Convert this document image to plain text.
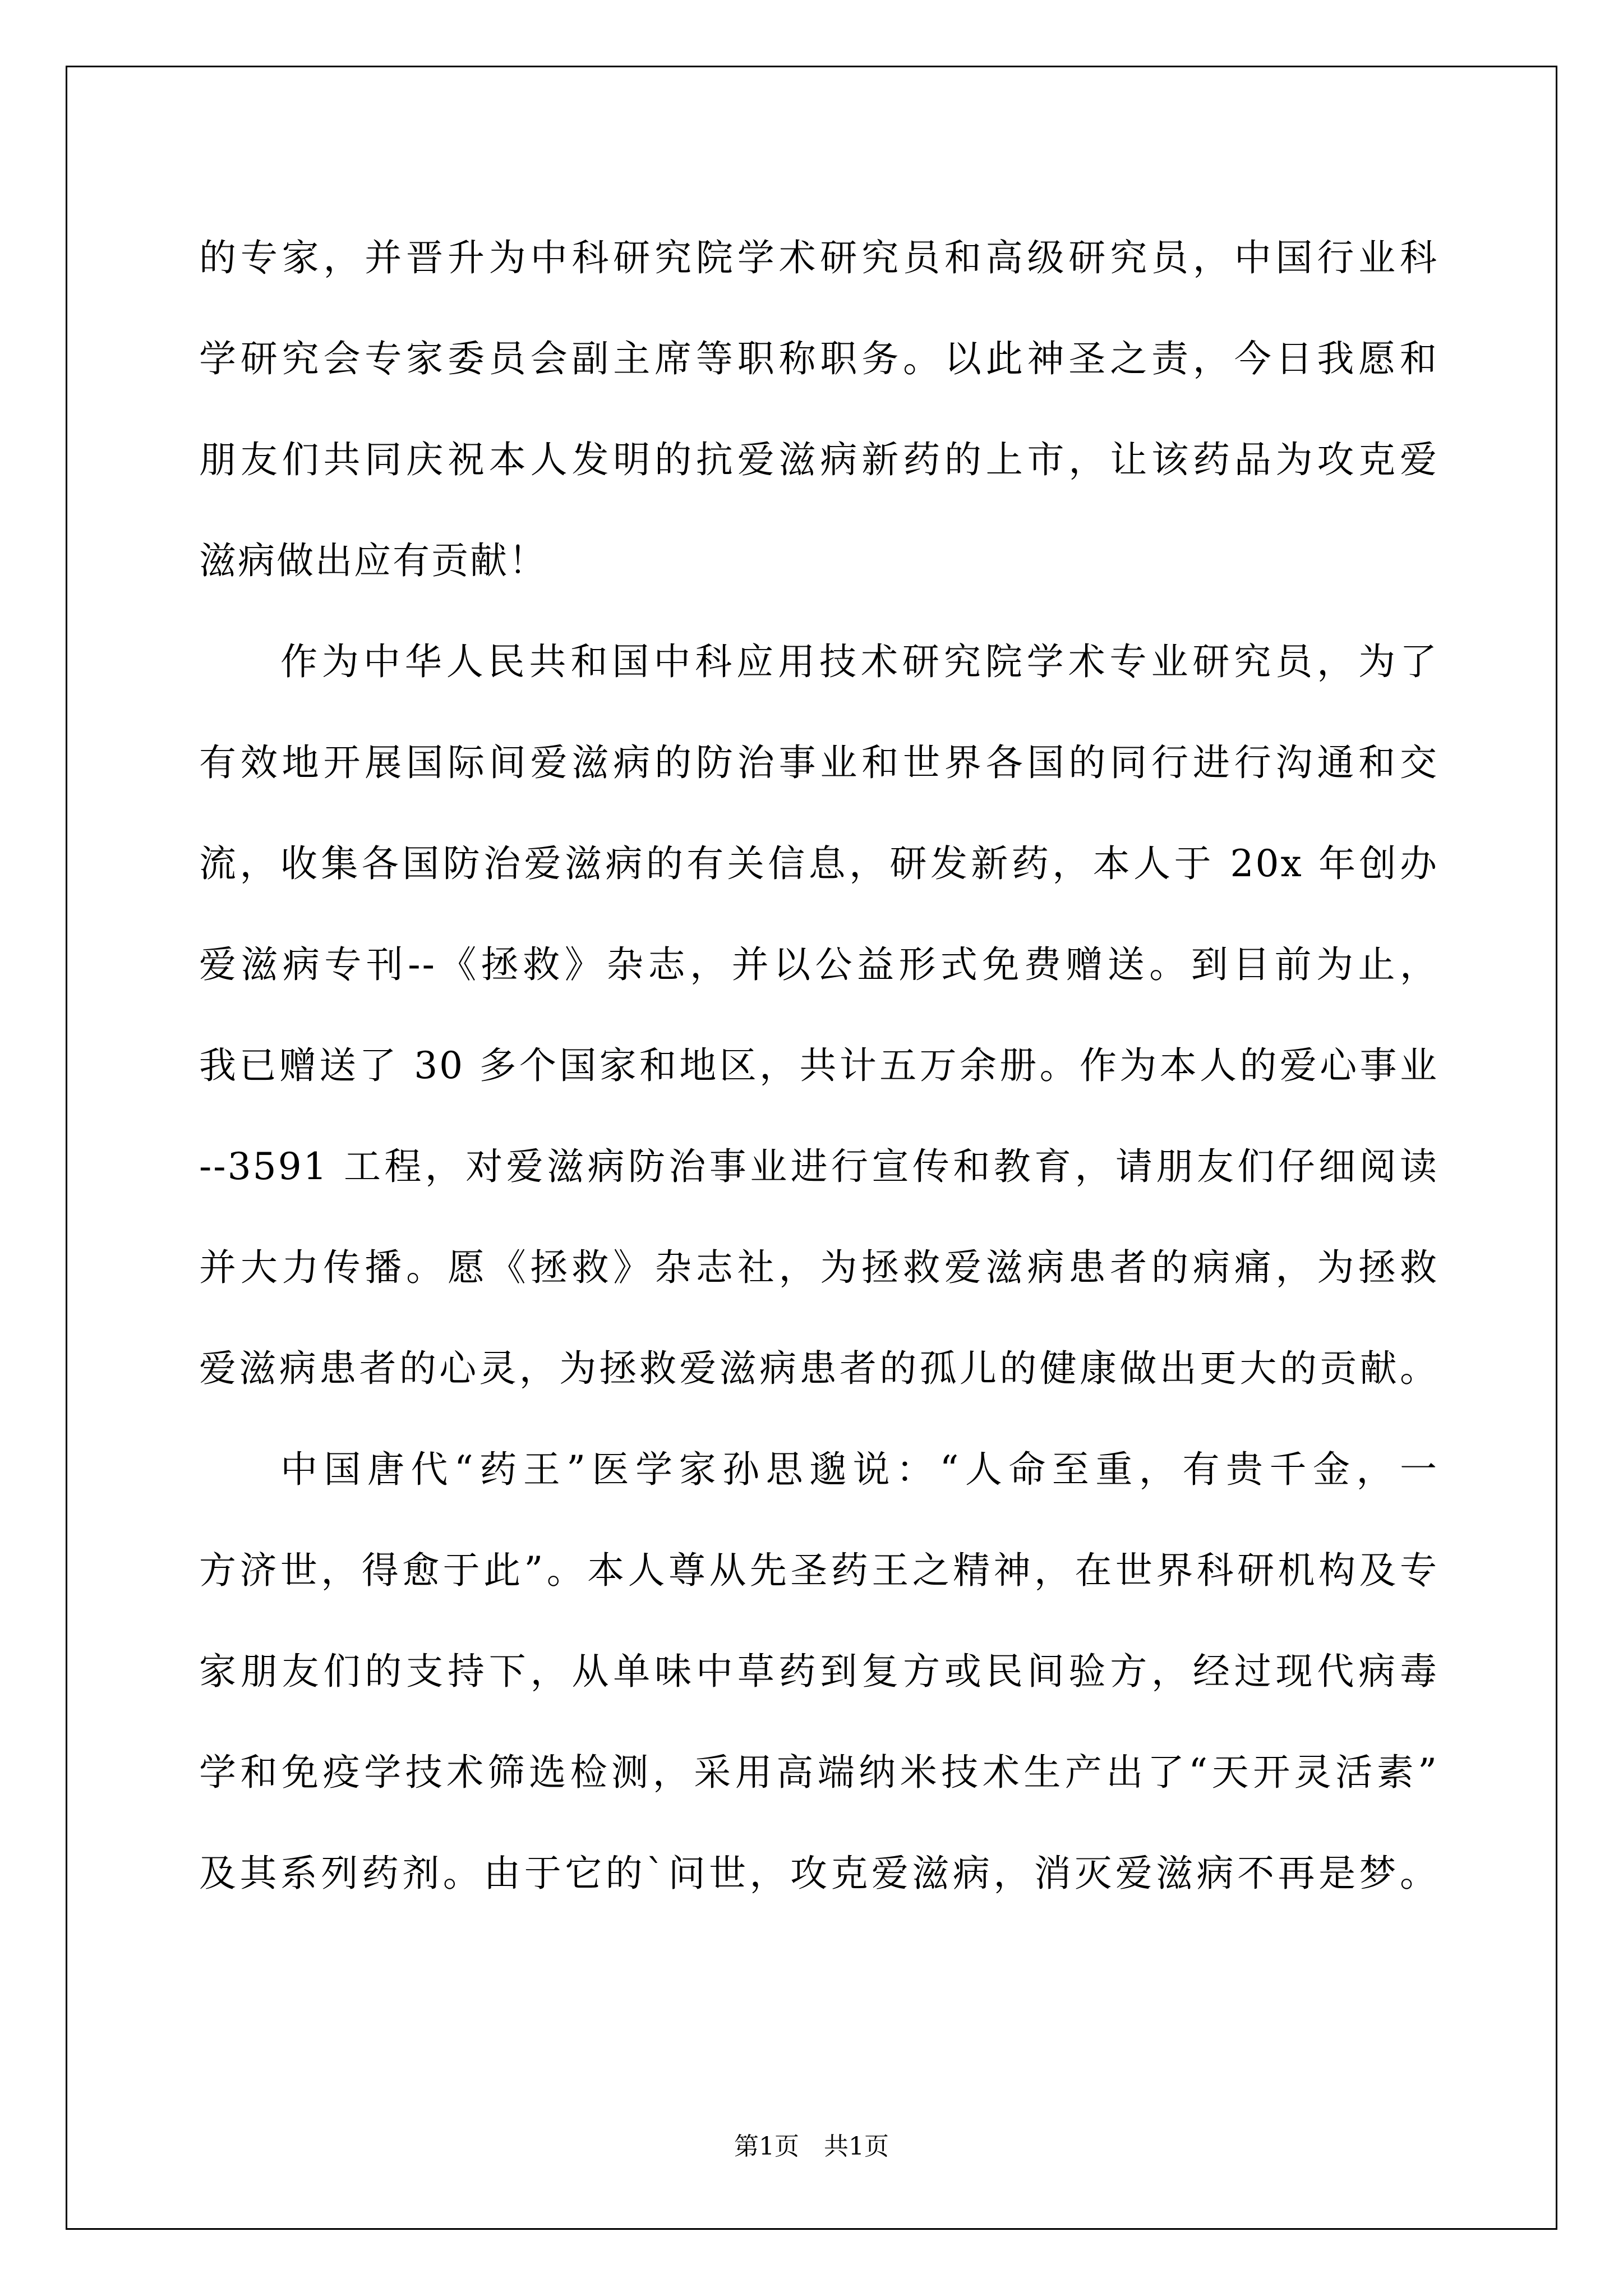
的专家，并晋升为中科研究院学术研究员和高级研究员，中国行业科
学研究会专家委员会副主席等职称职务。以此神圣之责，今日我愿和
朋友们共同庆祝本人发明的抗爱滋病新药的上市，让该药品为攻克爱
滋病做出应有贡献！
作为中华人民共和国中科应用技术研究院学术专业研究员，为了
有效地开展国际间爱滋病的防治事业和世界各国的同行进行沟通和交
流，收集各国防治爱滋病的有关信息，研发新药，本人于 20x 年创办
爱滋病专刊--《拯救》杂志，并以公益形式免费赠送。到目前为止，
我已赠送了 30 多个国家和地区，共计五万余册。作为本人的爱心事业
--3591 工程，对爱滋病防治事业进行宣传和教育，请朋友们仔细阅读
并大力传播。愿《拯救》杂志社，为拯救爱滋病患者的病痛，为拯救
爱滋病患者的心灵，为拯救爱滋病患者的孤儿的健康做出更大的贡献。
中国唐代“药王”医学家孙思邈说：“人命至重，有贵千金，一
方济世，得愈于此”。本人尊从先圣药王之精神，在世界科研机构及专
家朋友们的支持下，从单味中草药到复方或民间验方，经过现代病毒
学和免疫学技术筛选检测，采用高端纳米技术生产出了“天开灵活素”
及其系列药剂。由于它的`问世，攻克爱滋病，消灭爱滋病不再是梦。
第1页　共1页
